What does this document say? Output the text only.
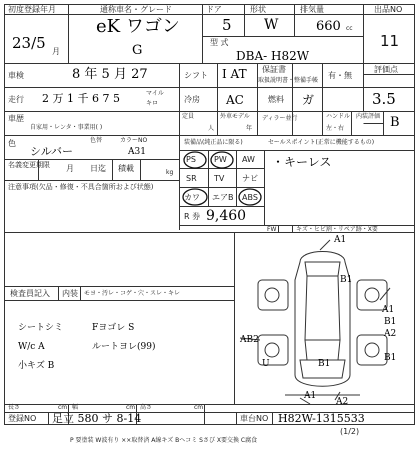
(1/2)
初度登録年月
23/5 月
通称車名・グレード
eK ワゴン
G
ドア
5
形状
W
排気量
660 cc
出品NO
11
型 式
DBA- H82W
車検	8 年 5 月 27	シフト I AT 保証書
取扱説明書・整備手帳
有・無
評価点
3.5
走行 2 万 1 千 6 7 5	マイル
キロ	冷房 AC	燃料 ガ
車歴
自家用・レンタ・事業用( )
定員
人
外車モデル
年
ディラー並行	ハンドル
左・右
内装評価 B
色
シルバー
色替	カラーNO
A31
名義変更期限 月 日迄 積載	kg
注意事項(欠品・修復・不具合箇所および状態)
装備品(純正品に限る)	セールスポイント(正常に機能するもの)
・キーレス
PS PW AW
SR TV ナビ
カワ エアB ABS
R 券 9,460
FW	キズ・ヒビ割・リペア跡・X要
検査員記入 内装 モヨ・汚レ・コゲ・穴・スレ・キレ
シートシミ	Fヨゴレ S
W/c A	ルートヨレ(99)
小キズ B
A1
B1
A1
B1
A2
B1
AB2
A1
A2
B1
U
長さ	cm 幅	cm 高さ	cm
登録NO 足立 580 サ 8-14	車台NO H82W-1315533
P 要塗装 W波有り ××取替済 A線キズ Bヘコミ Sさび X要交換 C腐食
